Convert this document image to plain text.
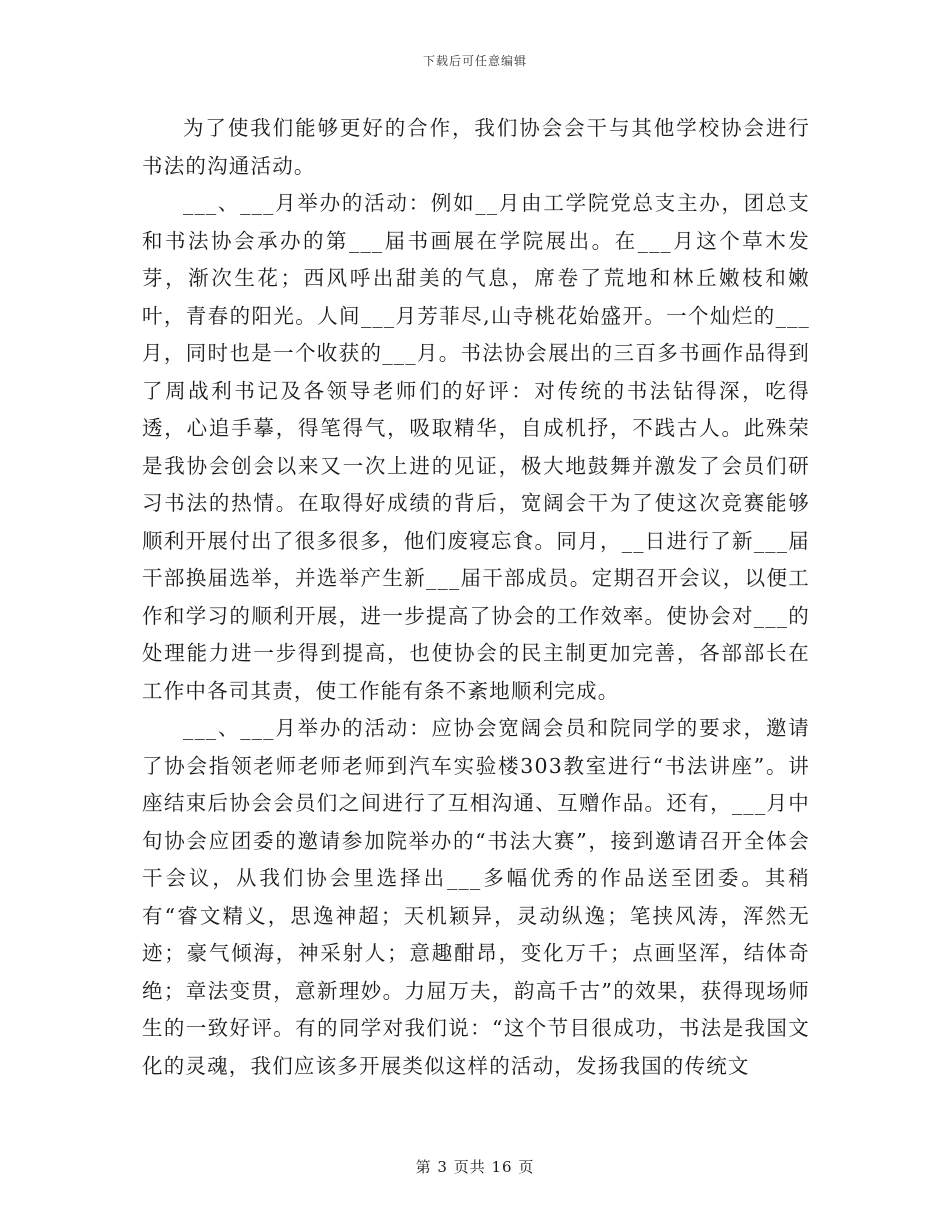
下载后可任意编辑

为了使我们能够更好的合作，我们协会会干与其他学校协会进行书法的沟通活动。

___、___月举办的活动：例如__月由工学院党总支主办，团总支和书法协会承办的第___届书画展在学院展出。在___月这个草木发芽，渐次生花；西风呼出甜美的气息，席卷了荒地和林丘嫩枝和嫩叶，青春的阳光。人间___月芳菲尽,山寺桃花始盛开。一个灿烂的___月，同时也是一个收获的___月。书法协会展出的三百多书画作品得到了周战利书记及各领导老师们的好评：对传统的书法钻得深，吃得透，心追手摹，得笔得气，吸取精华，自成机抒，不践古人。此殊荣是我协会创会以来又一次上进的见证，极大地鼓舞并激发了会员们研习书法的热情。在取得好成绩的背后，宽阔会干为了使这次竞赛能够顺利开展付出了很多很多，他们废寝忘食。同月，__日进行了新___届干部换届选举，并选举产生新___届干部成员。定期召开会议，以便工作和学习的顺利开展，进一步提高了协会的工作效率。使协会对___的处理能力进一步得到提高，也使协会的民主制更加完善，各部部长在工作中各司其责，使工作能有条不紊地顺利完成。

___、___月举办的活动：应协会宽阔会员和院同学的要求，邀请了协会指领老师老师老师到汽车实验楼303教室进行“书法讲座”。讲座结束后协会会员们之间进行了互相沟通、互赠作品。还有，___月中旬协会应团委的邀请参加院举办的“书法大赛”，接到邀请召开全体会干会议，从我们协会里选择出___多幅优秀的作品送至团委。其稍有“睿文精义，思逸神超；天机颖异，灵动纵逸；笔挟风涛，浑然无迹；豪气倾海，神采射人；意趣酣昂，变化万千；点画坚浑，结体奇绝；章法变贯，意新理妙。力屈万夫，韵高千古”的效果，获得现场师生的一致好评。有的同学对我们说：“这个节目很成功，书法是我国文化的灵魂，我们应该多开展类似这样的活动，发扬我国的传统文

第 3 页共 16 页
